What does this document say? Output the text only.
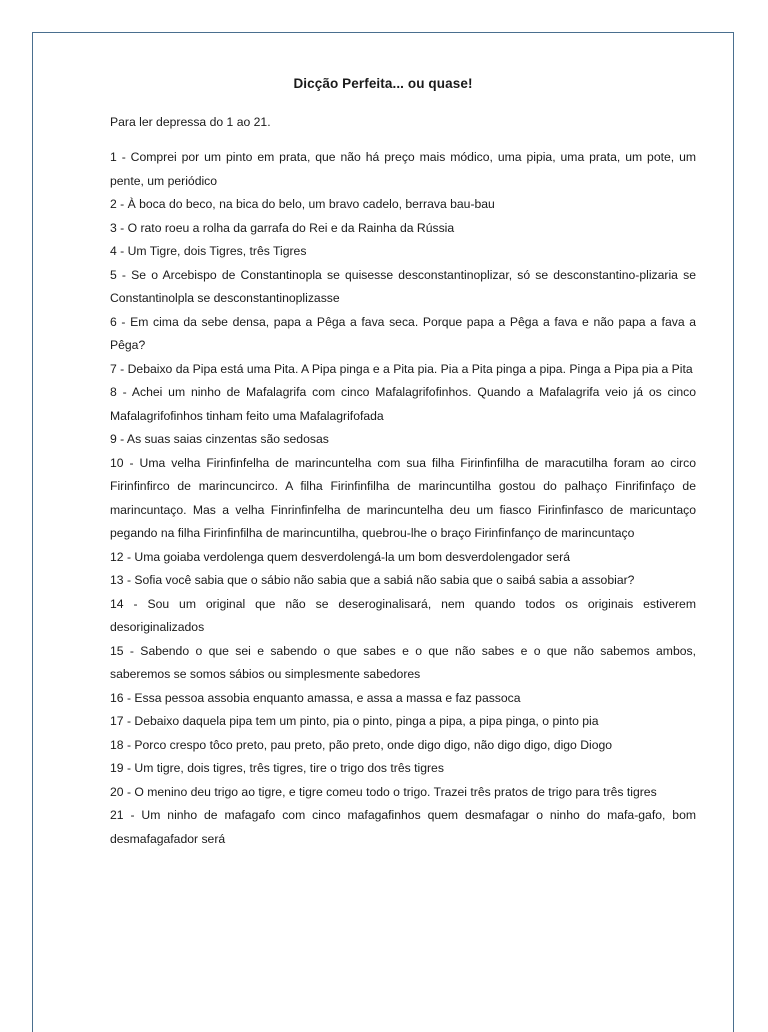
Dicção Perfeita... ou quase!
Para ler depressa do 1 ao 21.

1 - Comprei por um pinto em prata, que não há preço mais módico, uma pipia, uma prata, um pote, um pente, um periódico

2 - À boca do beco, na bica do belo, um bravo cadelo, berrava bau-bau

3 - O rato roeu a rolha da garrafa do Rei e da Rainha da Rússia

4 - Um Tigre, dois Tigres, três Tigres

5 - Se o Arcebispo de Constantinopla se quisesse desconstantinoplizar, só se desconstantino-plizaria se Constantinolpla se desconstantinoplizasse

6 - Em cima da sebe densa, papa a Pêga a fava seca. Porque papa a Pêga a fava e não papa a fava a Pêga?

7 - Debaixo da Pipa está uma Pita. A Pipa pinga e a Pita pia. Pia a Pita pinga a pipa. Pinga a Pipa pia a Pita

8 - Achei um ninho de Mafalagrifa com cinco Mafalagrifofinhos. Quando a Mafalagrifa veio já os cinco Mafalagrifofinhos tinham feito uma Mafalagrifofada

9 - As suas saias cinzentas são sedosas

10 - Uma velha Firinfinfelha de marincuntelha com sua filha Firinfinfilha de maracutilha foram ao circo Firinfinfirco de marincuncirco. A filha Firinfinfilha de marincuntilha gostou do palhaço Finrifinfaço de marincuntaço. Mas a velha Finrinfinfelha de marincuntelha deu um fiasco Firinfinfasco de maricuntaço pegando na filha Firinfinfilha de marincuntilha, quebrou-lhe o braço Firinfinfanço de marincuntaço

12 - Uma goiaba verdolenga quem desverdolengá-la um bom desverdolengador será

13 - Sofia você sabia que o sábio não sabia que a sabiá não sabia que o saibá sabia a assobiar?

14 - Sou um original que não se deseroginalisará, nem quando todos os originais estiverem desoriginalizados

15 - Sabendo o que sei e sabendo o que sabes e o que não sabes e o que não sabemos ambos, saberemos se somos sábios ou simplesmente sabedores

16 - Essa pessoa assobia enquanto amassa, e assa a massa e faz passoca

17 - Debaixo daquela pipa tem um pinto, pia o pinto, pinga a pipa, a pipa pinga, o pinto pia

18 - Porco crespo tôco preto, pau preto, pão preto, onde digo digo, não digo digo, digo Diogo

19 - Um tigre, dois tigres, três tigres, tire o trigo dos três tigres

20 - O menino deu trigo ao tigre, e tigre comeu todo o trigo. Trazei três pratos de trigo para três tigres

21 - Um ninho de mafagafo com cinco mafagafinhos quem desmafagar o ninho do mafa-gafo, bom desmafagafador será
